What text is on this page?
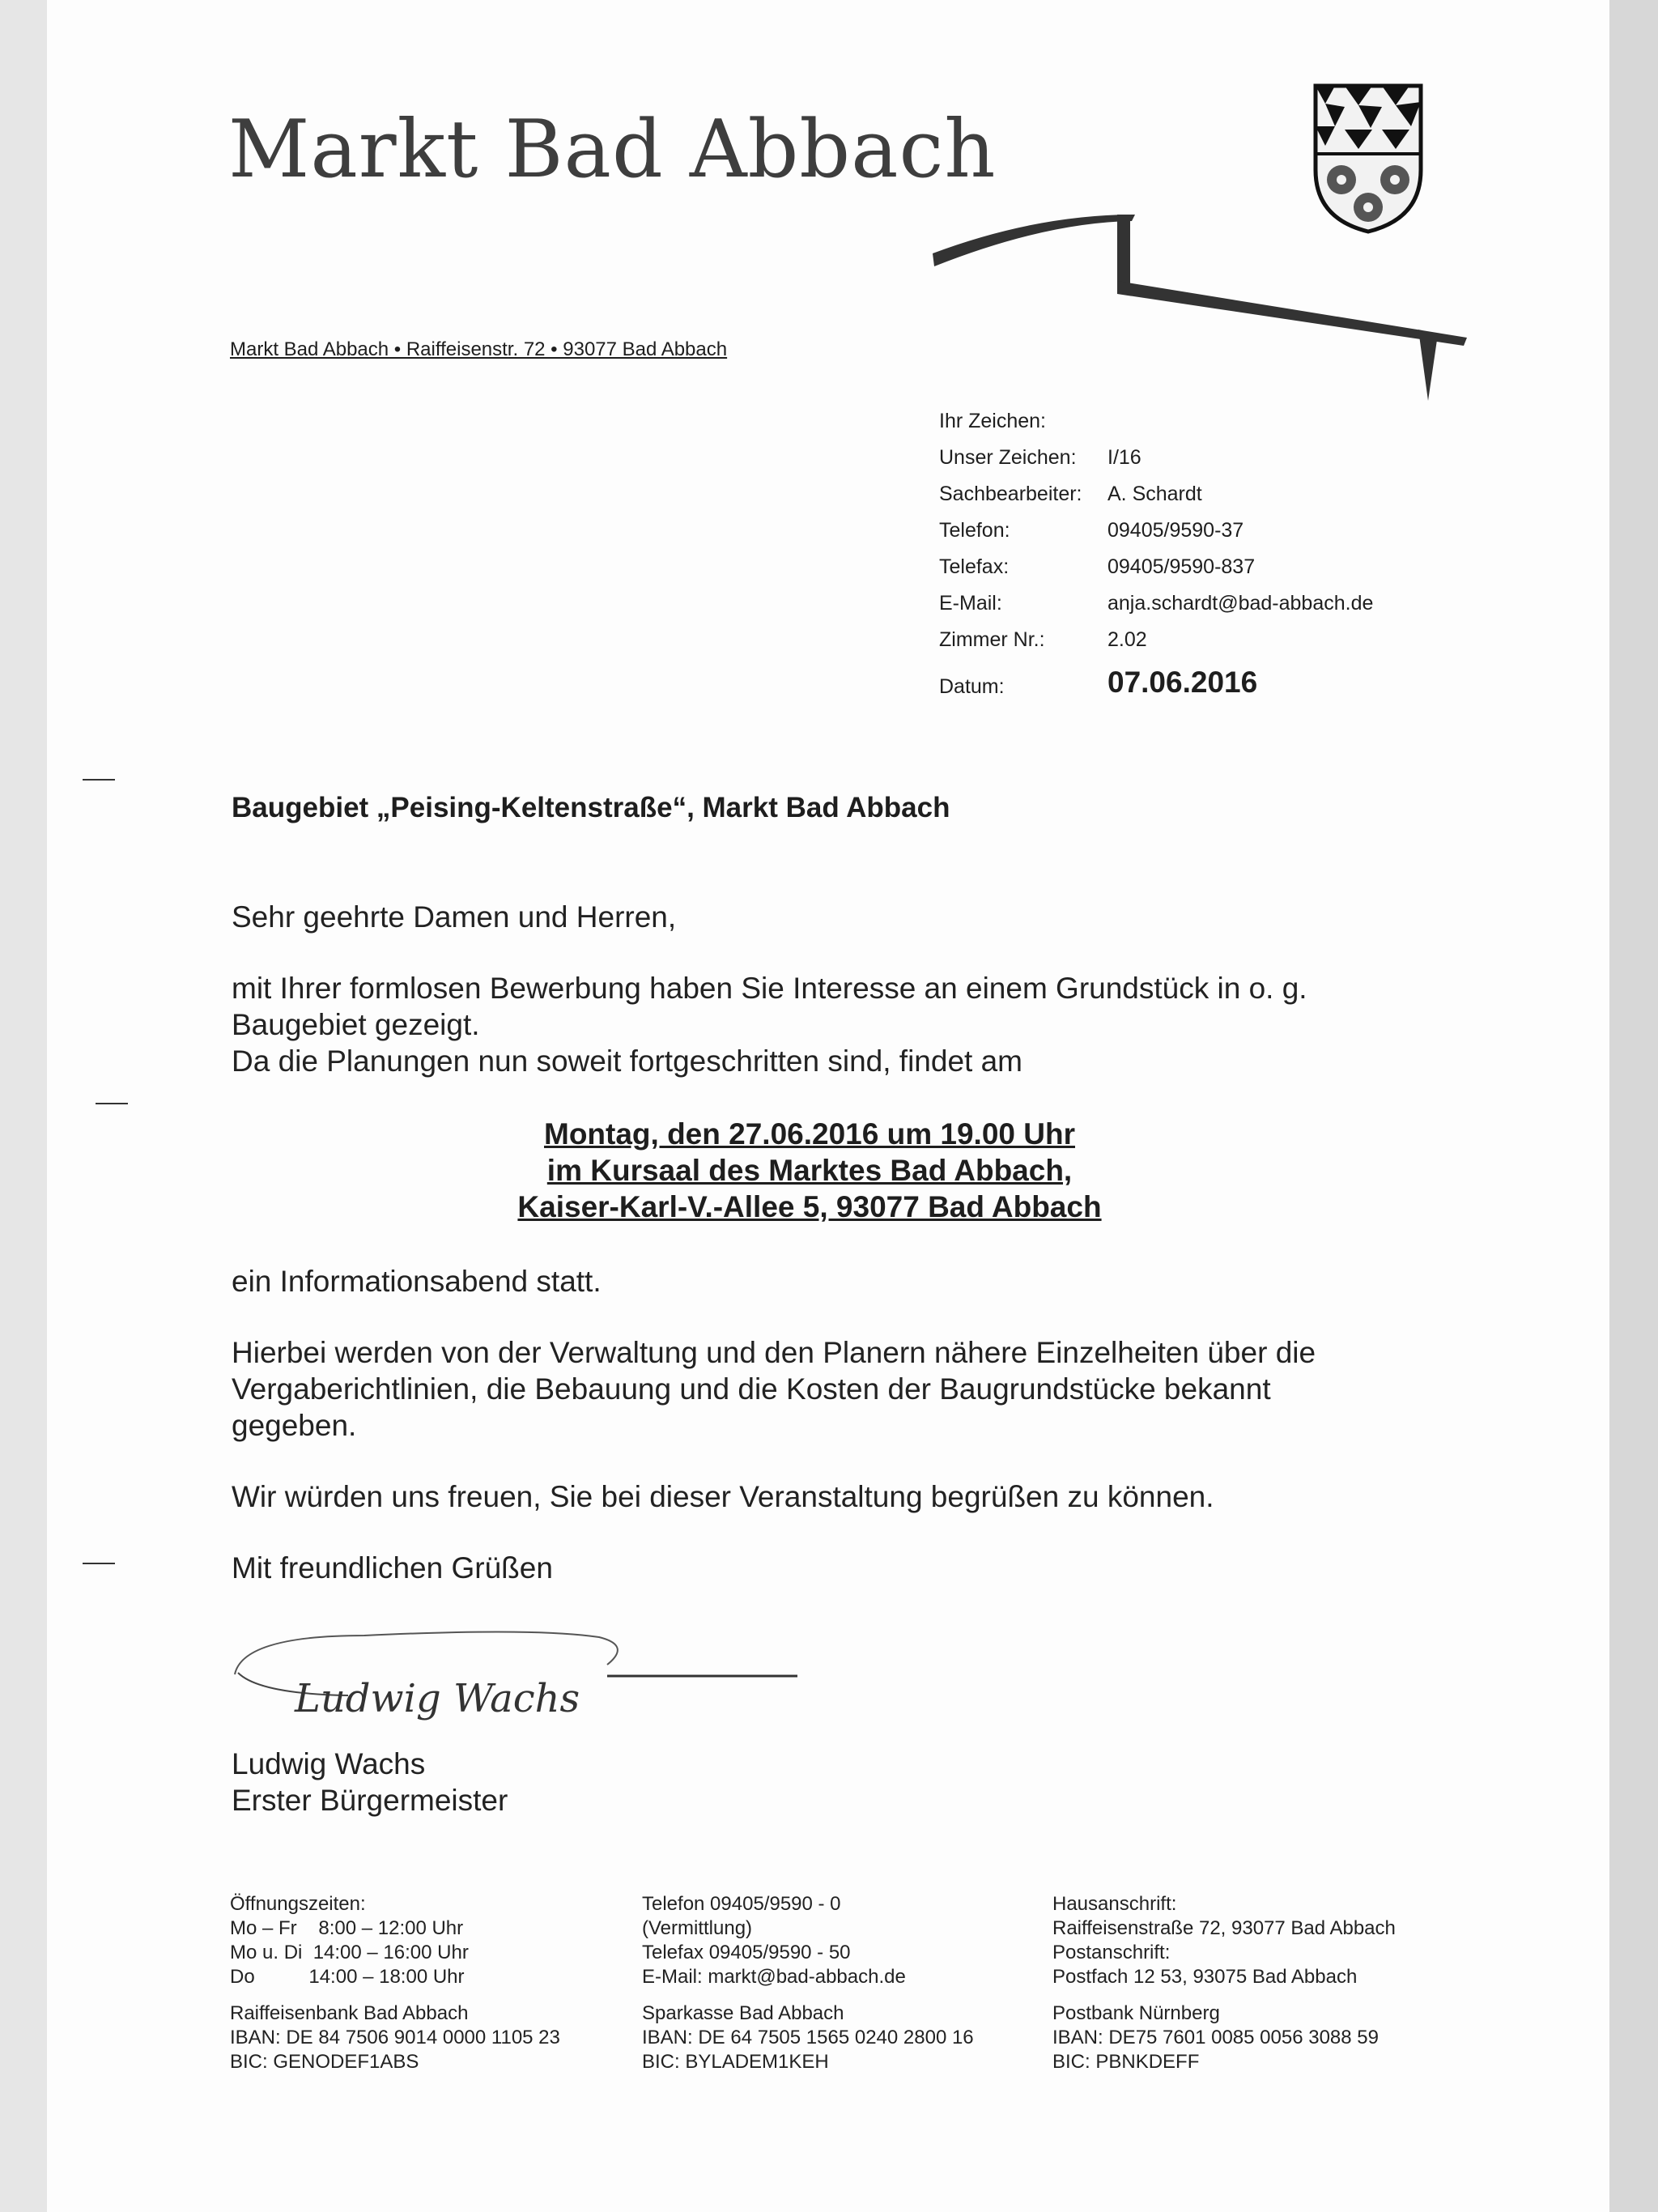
Markt Bad Abbach
Markt Bad Abbach • Raiffeisenstr. 72 • 93077 Bad Abbach
Ihr Zeichen:
Unser Zeichen: I/16
Sachbearbeiter: A. Schardt
Telefon:	09405/9590-37
Telefax:	09405/9590-837
E-Mail:	anja.schardt@bad-abbach.de
Zimmer Nr.:	2.02
Datum:	07.06.2016
Baugebiet „Peising-Keltenstraße“, Markt Bad Abbach
Sehr geehrte Damen und Herren,
mit Ihrer formlosen Bewerbung haben Sie Interesse an einem Grundstück in o. g.
Baugebiet gezeigt.
Da die Planungen nun soweit fortgeschritten sind, findet am
Montag, den 27.06.2016 um 19.00 Uhr
im Kursaal des Marktes Bad Abbach,
Kaiser-Karl-V.-Allee 5, 93077 Bad Abbach
ein Informationsabend statt.
Hierbei werden von der Verwaltung und den Planern nähere Einzelheiten über die
Vergaberichtlinien, die Bebauung und die Kosten der Baugrundstücke bekannt
gegeben.
Wir würden uns freuen, Sie bei dieser Veranstaltung begrüßen zu können.
Mit freundlichen Grüßen
Ludwig Wachs
Ludwig Wachs
Erster Bürgermeister
Öffnungszeiten:
Mo – Fr    8:00 – 12:00 Uhr
Mo u. Di  14:00 – 16:00 Uhr
Do          14:00 – 18:00 Uhr
Telefon 09405/9590 - 0
(Vermittlung)
Telefax 09405/9590 - 50
E-Mail: markt@bad-abbach.de
Hausanschrift:
Raiffeisenstraße 72, 93077 Bad Abbach
Postanschrift:
Postfach 12 53, 93075 Bad Abbach
Raiffeisenbank Bad Abbach
IBAN: DE 84 7506 9014 0000 1105 23
BIC: GENODEF1ABS
Sparkasse Bad Abbach
IBAN: DE 64 7505 1565 0240 2800 16
BIC: BYLADEM1KEH
Postbank Nürnberg
IBAN: DE75 7601 0085 0056 3088 59
BIC: PBNKDEFF
